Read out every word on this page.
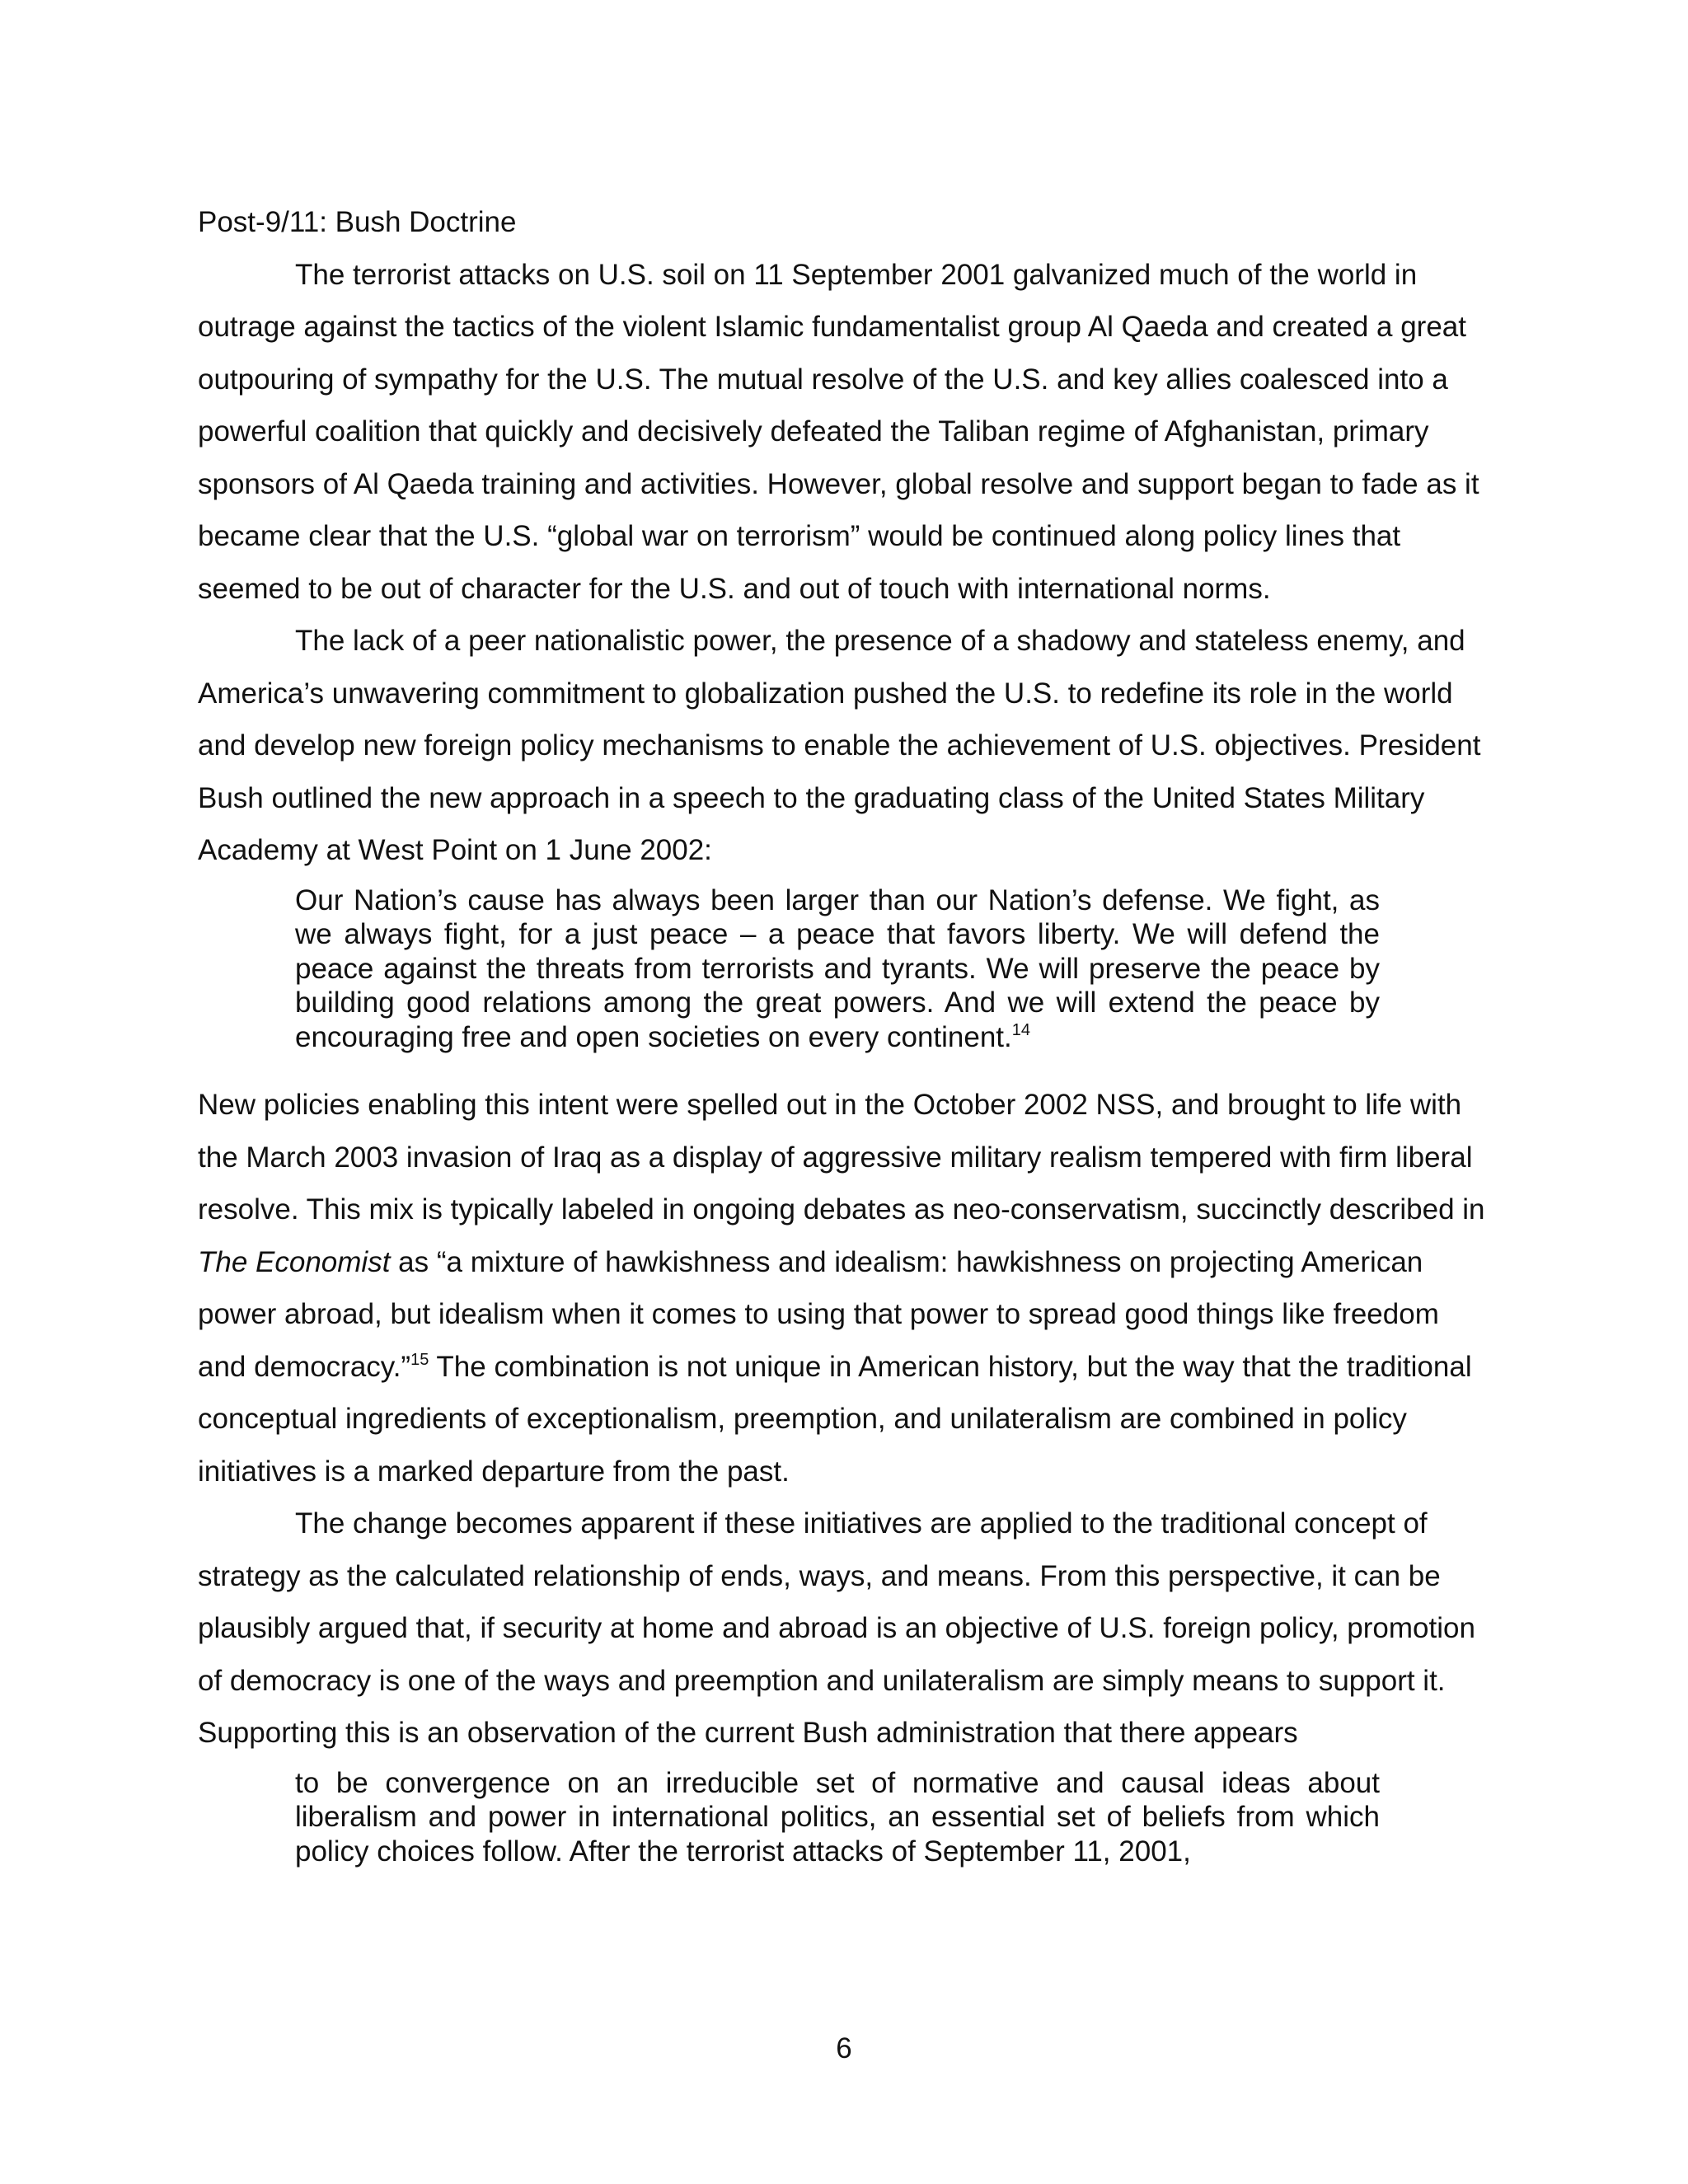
Post-9/11: Bush Doctrine

The terrorist attacks on U.S. soil on 11 September 2001 galvanized much of the world in outrage against the tactics of the violent Islamic fundamentalist group Al Qaeda and created a great outpouring of sympathy for the U.S. The mutual resolve of the U.S. and key allies coalesced into a powerful coalition that quickly and decisively defeated the Taliban regime of Afghanistan, primary sponsors of Al Qaeda training and activities. However, global resolve and support began to fade as it became clear that the U.S. “global war on terrorism” would be continued along policy lines that seemed to be out of character for the U.S. and out of touch with international norms.

The lack of a peer nationalistic power, the presence of a shadowy and stateless enemy, and America’s unwavering commitment to globalization pushed the U.S. to redefine its role in the world and develop new foreign policy mechanisms to enable the achievement of U.S. objectives. President Bush outlined the new approach in a speech to the graduating class of the United States Military Academy at West Point on 1 June 2002:

Our Nation’s cause has always been larger than our Nation’s defense. We fight, as we always fight, for a just peace – a peace that favors liberty. We will defend the peace against the threats from terrorists and tyrants. We will preserve the peace by building good relations among the great powers. And we will extend the peace by encouraging free and open societies on every continent.$^{14}$

New policies enabling this intent were spelled out in the October 2002 NSS, and brought to life with the March 2003 invasion of Iraq as a display of aggressive military realism tempered with firm liberal resolve. This mix is typically labeled in ongoing debates as neo-conservatism, succinctly described in The Economist as “a mixture of hawkishness and idealism: hawkishness on projecting American power abroad, but idealism when it comes to using that power to spread good things like freedom and democracy.”$^{15}$ The combination is not unique in American history, but the way that the traditional conceptual ingredients of exceptionalism, preemption, and unilateralism are combined in policy initiatives is a marked departure from the past.

The change becomes apparent if these initiatives are applied to the traditional concept of strategy as the calculated relationship of ends, ways, and means. From this perspective, it can be plausibly argued that, if security at home and abroad is an objective of U.S. foreign policy, promotion of democracy is one of the ways and preemption and unilateralism are simply means to support it. Supporting this is an observation of the current Bush administration that there appears

to be convergence on an irreducible set of normative and causal ideas about liberalism and power in international politics, an essential set of beliefs from which policy choices follow. After the terrorist attacks of September 11, 2001,

6
